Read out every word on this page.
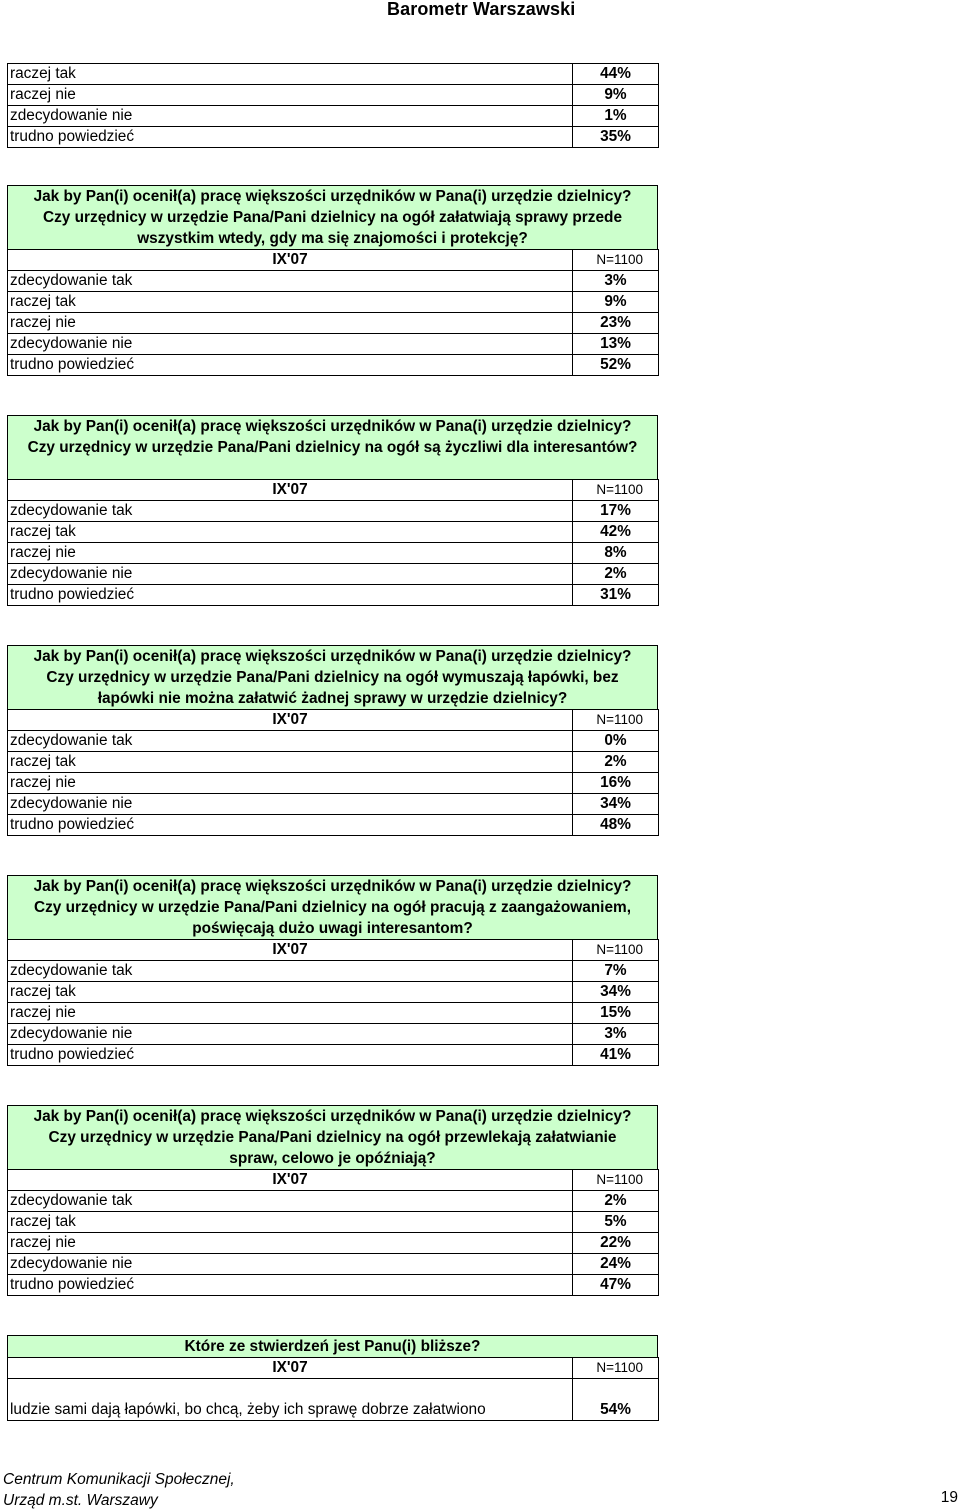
Barometr Warszawski
raczej tak	44%
raczej nie	9%
zdecydowanie nie	1%
trudno powiedzieć	35%
Jak by Pan(i) ocenił(a) pracę większości urzędników w Pana(i) urzędzie dzielnicy?
Czy urzędnicy w urzędzie Pana/Pani dzielnicy na ogół załatwiają sprawy przede
wszystkim wtedy, gdy ma się znajomości i protekcję?
IX'07	N=1100
zdecydowanie tak	3%
raczej tak	9%
raczej nie	23%
zdecydowanie nie	13%
trudno powiedzieć	52%
Jak by Pan(i) ocenił(a) pracę większości urzędników w Pana(i) urzędzie dzielnicy?
Czy urzędnicy w urzędzie Pana/Pani dzielnicy na ogół są życzliwi dla interesantów?
IX'07	N=1100
zdecydowanie tak	17%
raczej tak	42%
raczej nie	8%
zdecydowanie nie	2%
trudno powiedzieć	31%
Jak by Pan(i) ocenił(a) pracę większości urzędników w Pana(i) urzędzie dzielnicy?
Czy urzędnicy w urzędzie Pana/Pani dzielnicy na ogół wymuszają łapówki, bez
łapówki nie można załatwić żadnej sprawy w urzędzie dzielnicy?
IX'07	N=1100
zdecydowanie tak	0%
raczej tak	2%
raczej nie	16%
zdecydowanie nie	34%
trudno powiedzieć	48%
Jak by Pan(i) ocenił(a) pracę większości urzędników w Pana(i) urzędzie dzielnicy?
Czy urzędnicy w urzędzie Pana/Pani dzielnicy na ogół pracują z zaangażowaniem,
poświęcają dużo uwagi interesantom?
IX'07	N=1100
zdecydowanie tak	7%
raczej tak	34%
raczej nie	15%
zdecydowanie nie	3%
trudno powiedzieć	41%
Jak by Pan(i) ocenił(a) pracę większości urzędników w Pana(i) urzędzie dzielnicy?
Czy urzędnicy w urzędzie Pana/Pani dzielnicy na ogół przewlekają załatwianie
spraw, celowo je opóźniają?
IX'07	N=1100
zdecydowanie tak	2%
raczej tak	5%
raczej nie	22%
zdecydowanie nie	24%
trudno powiedzieć	47%
Które ze stwierdzeń jest Panu(i) bliższe?
IX'07	N=1100
ludzie sami dają łapówki, bo chcą, żeby ich sprawę dobrze załatwiono	54%
Centrum Komunikacji Społecznej,
Urząd m.st. Warszawy	19
